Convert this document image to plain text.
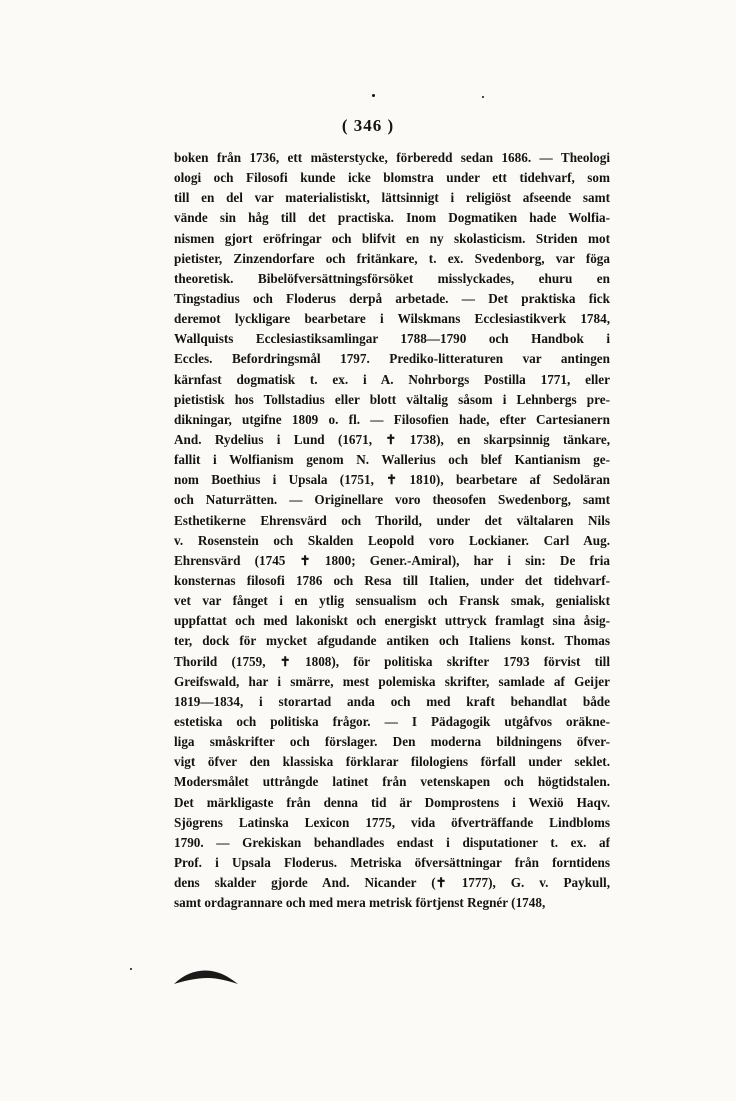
( 346 )
boken från 1736, ett mästerstycke, förberedd sedan 1686. — Theologi
ologi och Filosofi kunde icke blomstra under ett tidehvarf, som
till en del var materialistiskt, lättsinnigt i religiöst afseende samt
vände sin håg till det practiska. Inom Dogmatiken hade Wolfia-
nismen gjort eröfringar och blifvit en ny skolasticism. Striden mot
pietister, Zinzendorfare och fritänkare, t. ex. Svedenborg, var föga
theoretisk. Bibelöfversättningsförsöket misslyckades, ehuru en
Tingstadius och Floderus derpå arbetade. — Det praktiska fick
deremot lyckligare bearbetare i Wilskmans Ecclesiastikverk 1784,
Wallquists Ecclesiastiksamlingar 1788—1790 och Handbok i
Eccles. Befordringsmål 1797. Prediko-litteraturen var antingen
kärnfast dogmatisk t. ex. i A. Nohrborgs Postilla 1771, eller
pietistisk hos Tollstadius eller blott vältalig såsom i Lehnbergs pre-
dikningar, utgifne 1809 o. fl. — Filosofien hade, efter Cartesianern
And. Rydelius i Lund (1671, ✝ 1738), en skarpsinnig tänkare,
fallit i Wolfianism genom N. Wallerius och blef Kantianism ge-
nom Boethius i Upsala (1751, ✝ 1810), bearbetare af Sedoläran
och Naturrätten. — Originellare voro theosofen Swedenborg, samt
Esthetikerne Ehrensvärd och Thorild, under det vältalaren Nils
v. Rosenstein och Skalden Leopold voro Lockianer. Carl Aug.
Ehrensvärd (1745 ✝ 1800; Gener.-Amiral), har i sin: De fria
konsternas filosofi 1786 och Resa till Italien, under det tidehvarf-
vet var fånget i en ytlig sensualism och Fransk smak, genialiskt
uppfattat och med lakoniskt och energiskt uttryck framlagt sina åsig-
ter, dock för mycket afgudande antiken och Italiens konst. Thomas
Thorild (1759, ✝ 1808), för politiska skrifter 1793 förvist till
Greifswald, har i smärre, mest polemiska skrifter, samlade af Geijer
1819—1834, i storartad anda och med kraft behandlat både
estetiska och politiska frågor. — I Pädagogik utgåfvos oräkne-
liga småskrifter och förslager. Den moderna bildningens öfver-
vigt öfver den klassiska förklarar filologiens förfall under seklet.
Modersmålet uttrångde latinet från vetenskapen och högtidstalen.
Det märkligaste från denna tid är Domprostens i Wexiö Haqv.
Sjögrens Latinska Lexicon 1775, vida öfverträffande Lindbloms
1790. — Grekiskan behandlades endast i disputationer t. ex. af
Prof. i Upsala Floderus. Metriska öfversättningar från forntidens
dens skalder gjorde And. Nicander (✝ 1777), G. v. Paykull,
samt ordagrannare och med mera metrisk förtjenst Regnér (1748,
